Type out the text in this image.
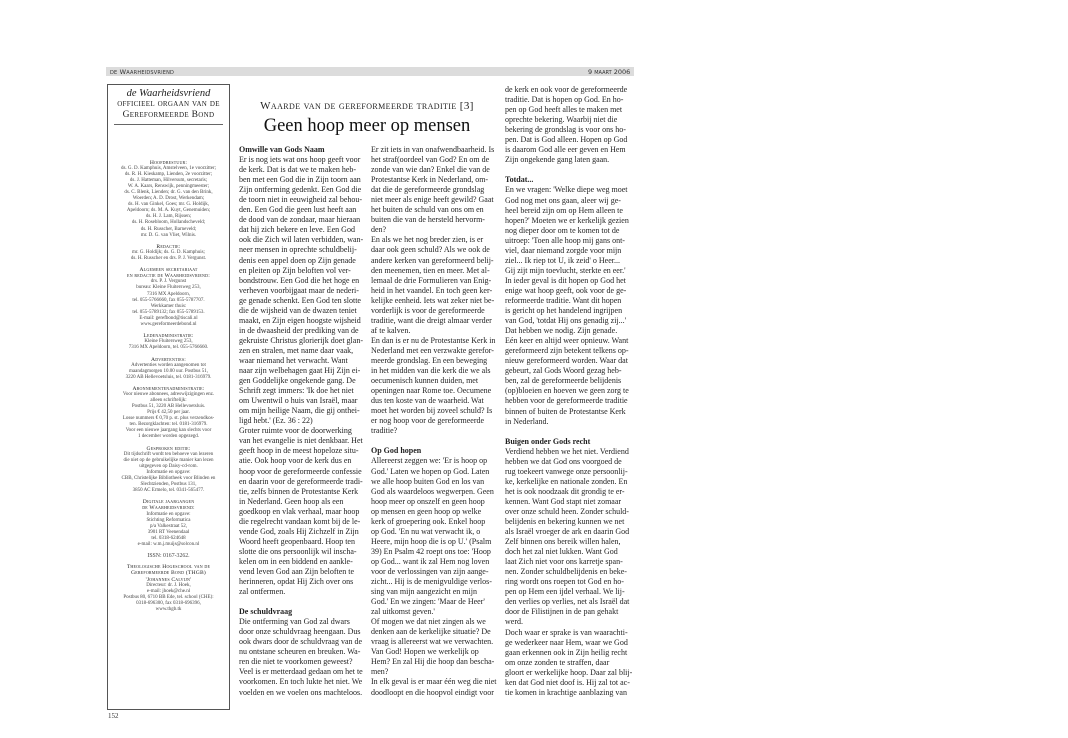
de Waarheidsvriend	9 maart 2006
de Waarheidsvriend
officieel orgaan van de
Gereformeerde Bond
Hoofdbestuur:
ds. G. D. Kamphuis, Amstelveen, 1e voorzitter;
ds. R. H. Kieskamp, Lienden, 2e voorzitter;
ds. J. Hatteman, Hilversum, secretaris;
W. A. Kaars, Renswijk, penningmeester;
ds. C. Blenk, Lienden; dr. G. van den Brink,
Woerden; A. D. Drost, Werkendam;
ds. H. van Ginkel, Goes; mr. G. Holdijk,
Apeldoorn; ds. M. A. Kuyt, Genemuiden;
ds. H. J. Lam, Rijssen;
ds. H. Rosebloom, Hollandscheveld;
ds. H. Russcher, Barneveld;
mr. D. G. van Vliet, Wilnis.
Redactie:
mr. G. Holdijk; ds. G. D. Kamphuis;
ds. H. Russcher en drs. P. J. Vergunst.
Algemeen secretariaat
en redactie de Waarheidsvriend:
drs. P. J. Vergunst
bureau: Kleine Fluitersweg 253,
7316 MX Apeldoorn,
tel. 055-5766660, fax 055-5787707.
Werkkamer thuis:
tel. 055-5789132; fax 055-5789153.
E-mail: gerefbond@tiscali.nl
www.gereformeerdebond.nl
Ledenadministratie:
Kleine Fluitersweg 253,
7316 MX Apeldoorn, tel. 055-5766660.
Advertenties:
Advertenties worden aangenomen tot
maandagmorgen 10.00 uur. Postbus 51,
3220 AB Hellevoetsluis, tel. 0181-316979.
Abonnementenadministratie:
Voor nieuwe abonnees, adreswijzigingen enz.
alleen schriftelijk:
Postbus 51, 3220 AB Hellevoetsluis.
Prijs € 42,50 per jaar.
Losse nummers € 0,70 p. st. plus verzendkos-
ten. Bezorgklachten: tel. 0181-316979.
Voor een nieuwe jaargang kan slechts voor
1 december worden opgezegd.
Gesproken editie:
Dit tijdschrift wordt ten behoeve van lezeren
die niet op de gebruikelijke manier kan lezen
uitgegeven op Daisy-cd-rom.
Informatie en opgave:
CBB, Christelijke Bibliotheek voor Blinden en
Slechtzienden, Postbus 131,
3850 AC Ermelo, tel. 0341-565477.
Digitale jaargangen
de Waarheidsvriend:
Informatie en opgave:
Stichting Reformatica
p/a Valkestraat 52,
3901 RT Veenendaal
tel. 0318-624648
e-mail: w.m.j.muijs@solcon.nl
ISSN: 0167-3262.
Theologische Hogeschool van de
Gereformeerde Bond (THGB)
'Johannes Calvijn'
Directeur: dr. J. Hoek,
e-mail: jhoek@che.nl
Postbus 80, 6710 BB Ede, tel. school (CHE):
0318-696300, fax 0318-696396,
www.thgb.tk
Waarde van de gereformeerde traditie [3]
Geen hoop meer op mensen
Omwille van Gods Naam
Er is nog iets wat ons hoop geeft voor
de kerk. Dat is dat we te maken heb-
ben met een God die in Zijn toorn aan
Zijn ontferming gedenkt. Een God die
de toorn niet in eeuwigheid zal behou-
den. Een God die geen lust heeft aan
de dood van de zondaar, maar hieraan
dat hij zich bekere en leve. Een God
ook die Zich wil laten verbidden, wan-
neer mensen in oprechte schuldbelij-
denis een appel doen op Zijn genade
en pleiten op Zijn beloften vol ver-
bondstrouw. Een God die het hoge en
verheven voorbijgaat maar de nederi-
ge genade schenkt. Een God ten slotte
die de wijsheid van de dwazen teniet
maakt, en Zijn eigen hoogste wijsheid
in de dwaasheid der prediking van de
gekruiste Christus glorierijk doet glan-
zen en stralen, met name daar vaak,
waar niemand het verwacht. Want
naar zijn welbehagen gaat Hij Zijn ei-
gen Goddelijke ongekende gang. De
Schrift zegt immers: 'Ik doe het niet
om Uwentwil o huis van Israël, maar
om mijn heilige Naam, die gij onthei-
ligd hebt.' (Ez. 36 : 22)
Groter ruimte voor de doorwerking
van het evangelie is niet denkbaar. Het
geeft hoop in de meest hopeloze situ-
atie. Ook hoop voor de kerk dus en
hoop voor de gereformeerde confessie
en daarin voor de gereformeerde tradi-
tie, zelfs binnen de Protestantse Kerk
in Nederland. Geen hoop als een
goedkoop en vlak verhaal, maar hoop
die regelrecht vandaan komt bij de le-
vende God, zoals Hij Zichzelf in Zijn
Woord heeft geopenbaard. Hoop ten
slotte die ons persoonlijk wil inscha-
kelen om in een biddend en aankle-
vend leven God aan Zijn beloften te
herinneren, opdat Hij Zich over ons
zal ontfermen.
De schuldvraag
Die ontferming van God zal dwars
door onze schuldvraag heengaan. Dus
ook dwars door de schuldvraag van de
nu ontstane scheuren en breuken. Wa-
ren die niet te voorkomen geweest?
Veel is er metterdaad gedaan om het te
voorkomen. En toch lukte het niet. We
voelden en we voelen ons machteloos.
Er zit iets in van onafwendbaarheid. Is
het straf(oordeel van God? En om de
zonde van wie dan? Enkel die van de
Protestantse Kerk in Nederland, om-
dat die de gereformeerde grondslag
niet meer als enige heeft gewild? Gaat
het buiten de schuld van ons om en
buiten die van de hersteld hervorm-
den?
En als we het nog breder zien, is er
daar ook geen schuld? Als we ook de
andere kerken van gereformeerd belij-
den meenemen, tien en meer. Met al-
lemaal de drie Formulieren van Enig-
heid in het vaandel. En toch geen ker-
kelijke eenheid. Iets wat zeker niet be-
vorderlijk is voor de gereformeerde
traditie, want die dreigt almaar verder
af te kalven.
En dan is er nu de Protestantse Kerk in
Nederland met een verzwakte gerefor-
meerde grondslag. En een beweging
in het midden van die kerk die we als
oecumenisch kunnen duiden, met
openingen naar Rome toe. Oecumene
dus ten koste van de waarheid. Wat
moet het worden bij zoveel schuld? Is
er nog hoop voor de gereformeerde
traditie?
Op God hopen
Allereerst zeggen we: 'Er is hoop op
God.' Laten we hopen op God. Laten
we alle hoop buiten God en los van
God als waardeloos wegwerpen. Geen
hoop meer op onszelf en geen hoop
op mensen en geen hoop op welke
kerk of groepering ook. Enkel hoop
op God. 'En nu wat verwacht ik, o
Heere, mijn hoop die is op U.' (Psalm
39) En Psalm 42 roept ons toe: 'Hoop
op God... want ik zal Hem nog loven
voor de verlossingen van zijn aange-
zicht... Hij is de menigvuldige verlos-
sing van mijn aangezicht en mijn
God.' En we zingen: 'Maar de Heer'
zal uitkomst geven.'
Of mogen we dat niet zingen als we
denken aan de kerkelijke situatie? De
vraag is allereerst wat we verwachten.
Van God! Hopen we werkelijk op
Hem? En zal Hij die hoop dan bescha-
men?
In elk geval is er maar één weg die niet
doodloopt en die hoopvol eindigt voor
de kerk en ook voor de gereformeerde
traditie. Dat is hopen op God. En ho-
pen op God heeft alles te maken met
oprechte bekering. Waarbij niet die
bekering de grondslag is voor ons ho-
pen. Dat is God alleen. Hopen op God
is daarom God alle eer geven en Hem
Zijn ongekende gang laten gaan.
Totdat...
En we vragen: 'Welke diepe weg moet
God nog met ons gaan, aleer wij ge-
heel bereid zijn om op Hem alleen te
hopen?' Moeten we er kerkelijk gezien
nog dieper door om te komen tot de
uitroep: 'Toen alle hoop mij gans ont-
viel, daar niemand zorgde voor mijn
ziel... Ik riep tot U, ik zeid' o Heer...
Gij zijt mijn toevlucht, sterkte en eer.'
In ieder geval is dit hopen op God het
enige wat hoop geeft, ook voor de ge-
reformeerde traditie. Want dit hopen
is gericht op het handelend ingrijpen
van God, 'totdat Hij ons genadig zij...'
Dat hebben we nodig. Zijn genade.
Eén keer en altijd weer opnieuw. Want
gereformeerd zijn betekent telkens op-
nieuw gereformeerd worden. Waar dat
gebeurt, zal Gods Woord gezag heb-
ben, zal de gereformeerde belijdenis
(op)bloeien en hoeven we geen zorg te
hebben voor de gereformeerde traditie
binnen of buiten de Protestantse Kerk
in Nederland.
Buigen onder Gods recht
Verdiend hebben we het niet. Verdiend
hebben we dat God ons voorgoed de
rug toekeert vanwege onze persoonlij-
ke, kerkelijke en nationale zonden. En
het is ook noodzaak dit grondig te er-
kennen. Want God stapt niet zomaar
over onze schuld heen. Zonder schuld-
belijdenis en bekering kunnen we net
als Israël vroeger de ark en daarin God
Zelf binnen ons bereik willen halen,
doch het zal niet lukken. Want God
laat Zich niet voor ons karretje span-
nen. Zonder schuldbelijdenis en beke-
ring wordt ons roepen tot God en ho-
pen op Hem een ijdel verhaal. We lij-
den verlies op verlies, net als Israël dat
door de Filistijnen in de pan gehakt
werd.
Doch waar er sprake is van waarachti-
ge wederkeer naar Hem, waar we God
gaan erkennen ook in Zijn heilig recht
om onze zonden te straffen, daar
gloort er werkelijke hoop. Daar zal blij-
ken dat God niet doof is. Hij zal tot ac-
tie komen in krachtige aanblazing van
152
